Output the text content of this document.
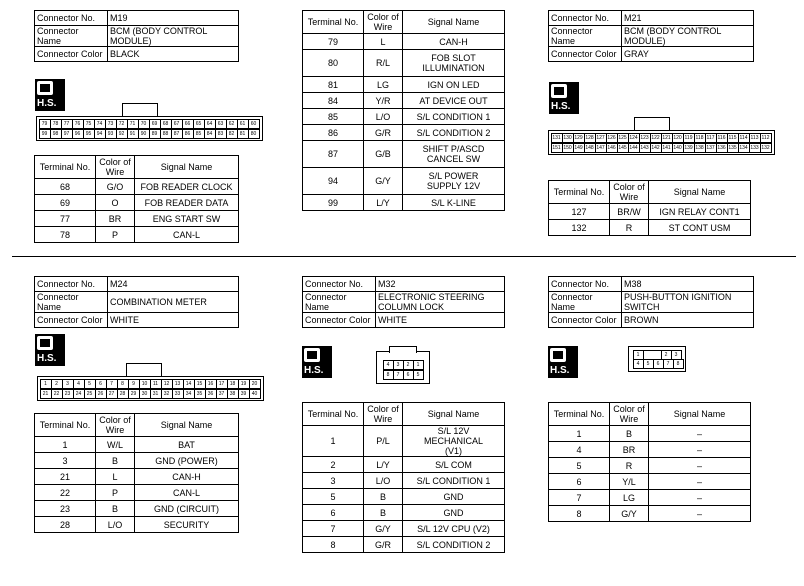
Connector No.	M19
Connector Name	BCM (BODY CONTROL MODULE)
Connector Color	BLACK
H.S.
79	78	77	76	75	74	73	72	71	70	69	68	67	66	65	64	63	62	61	60
99	98	97	96	95	94	93	92	91	90	89	88	87	86	85	84	83	82	81	80
Terminal No.	Color of Wire	Signal Name
68	G/O	FOB READER CLOCK
69	O	FOB READER DATA
77	BR	ENG START SW
78	P	CAN-L
Terminal No.	Color of Wire	Signal Name
79	L	CAN-H
80	R/L	FOB SLOT ILLUMINATION
81	LG	IGN ON LED
84	Y/R	AT DEVICE OUT
85	L/O	S/L CONDITION 1
86	G/R	S/L CONDITION 2
87	G/B	SHIFT P/ASCD CANCEL SW
94	G/Y	S/L POWER SUPPLY 12V
99	L/Y	S/L K-LINE
Connector No.	M21
Connector Name	BCM (BODY CONTROL MODULE)
Connector Color	GRAY
H.S.
131 130 129 128 127 126 125 124 123 122 121 120 119 118 117 116 115 114 113 112
151 150 149 148 147 146 145 144 143 142 141 140 139 138 137 136 135 134 133 132
Terminal No.	Color of Wire	Signal Name
127	BR/W	IGN RELAY CONT1
132	R	ST CONT USM
Connector No.	M24
Connector Name	COMBINATION METER
Connector Color	WHITE
H.S.
1	2	3	4	5	6	7	8	9	10	11	12	13	14	15	16	17	18	19	20
21	22	23	24	25	26	27	28	29	30	31	32	33	34	35	36	37	38	39	40
Terminal No.	Color of Wire	Signal Name
1	W/L	BAT
3	B	GND (POWER)
21	L	CAN-H
22	P	CAN-L
23	B	GND (CIRCUIT)
28	L/O	SECURITY
Connector No.	M32
Connector Name	ELECTRONIC STEERING COLUMN LOCK
Connector Color	WHITE
H.S.
4	3	2	1
8	7	6	5
Terminal No.	Color of Wire	Signal Name
1	P/L	S/L 12V MECHANICAL (V1)
2	L/Y	S/L COM
3	L/O	S/L CONDITION 1
5	B	GND
6	B	GND
7	G/Y	S/L 12V CPU (V2)
8	G/R	S/L CONDITION 2
Connector No.	M38
Connector Name	PUSH-BUTTON IGNITION SWITCH
Connector Color	BROWN
H.S.
1	2	3
4	5	6	7	8
Terminal No.	Color of Wire	Signal Name
1	B	–
4	BR	–
5	R	–
6	Y/L	–
7	LG	–
8	G/Y	–
